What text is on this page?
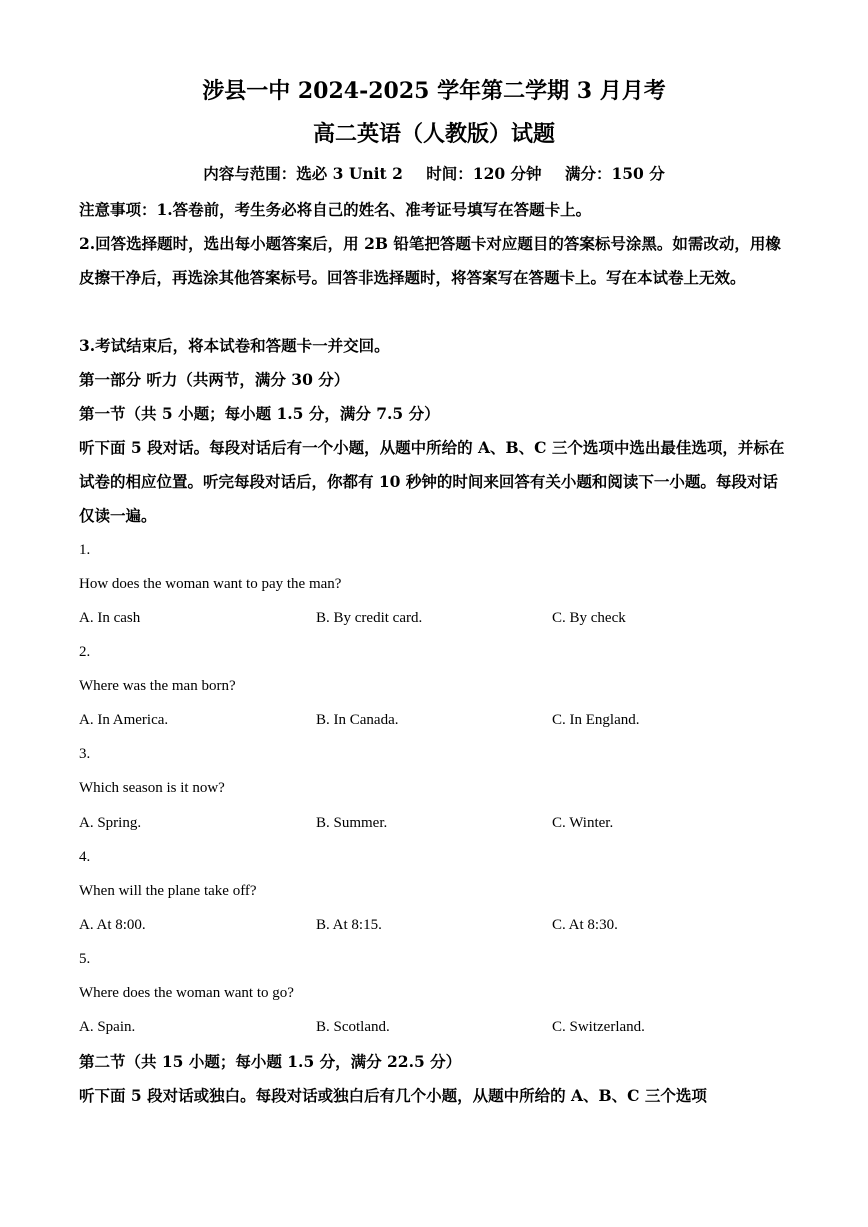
涉县一中 2024-2025 学年第二学期 3 月月考
高二英语（人教版）试题
内容与范围：选必 3 Unit 2 时间：120 分钟 满分：150 分
注意事项：1.答卷前，考生务必将自己的姓名、准考证号填写在答题卡上。
2.回答选择题时，选出每小题答案后，用 2B 铅笔把答题卡对应题目的答案标号涂黑。如需改动，用橡皮擦干净后，再选涂其他答案标号。回答非选择题时，将答案写在答题卡上。写在本试卷上无效。
3.考试结束后，将本试卷和答题卡一并交回。
第一部分 听力（共两节，满分 30 分）
第一节（共 5 小题；每小题 1.5 分，满分 7.5 分）
听下面 5 段对话。每段对话后有一个小题，从题中所给的 A、B、C 三个选项中选出最佳选项，并标在试卷的相应位置。听完每段对话后，你都有 10 秒钟的时间来回答有关小题和阅读下一小题。每段对话仅读一遍。
1.
How does the woman want to pay the man?
A. In cash	B. By credit card.	C. By check
2.
Where was the man born?
A. In America.	B. In Canada.	C. In England.
3.
Which season is it now?
A. Spring.	B. Summer.	C. Winter.
4.
When will the plane take off?
A. At 8:00.	B. At 8:15.	C. At 8:30.
5.
Where does the woman want to go?
A. Spain.	B. Scotland.	C. Switzerland.
第二节（共 15 小题；每小题 1.5 分，满分 22.5 分）
听下面 5 段对话或独白。每段对话或独白后有几个小题，从题中所给的 A、B、C 三个选项
